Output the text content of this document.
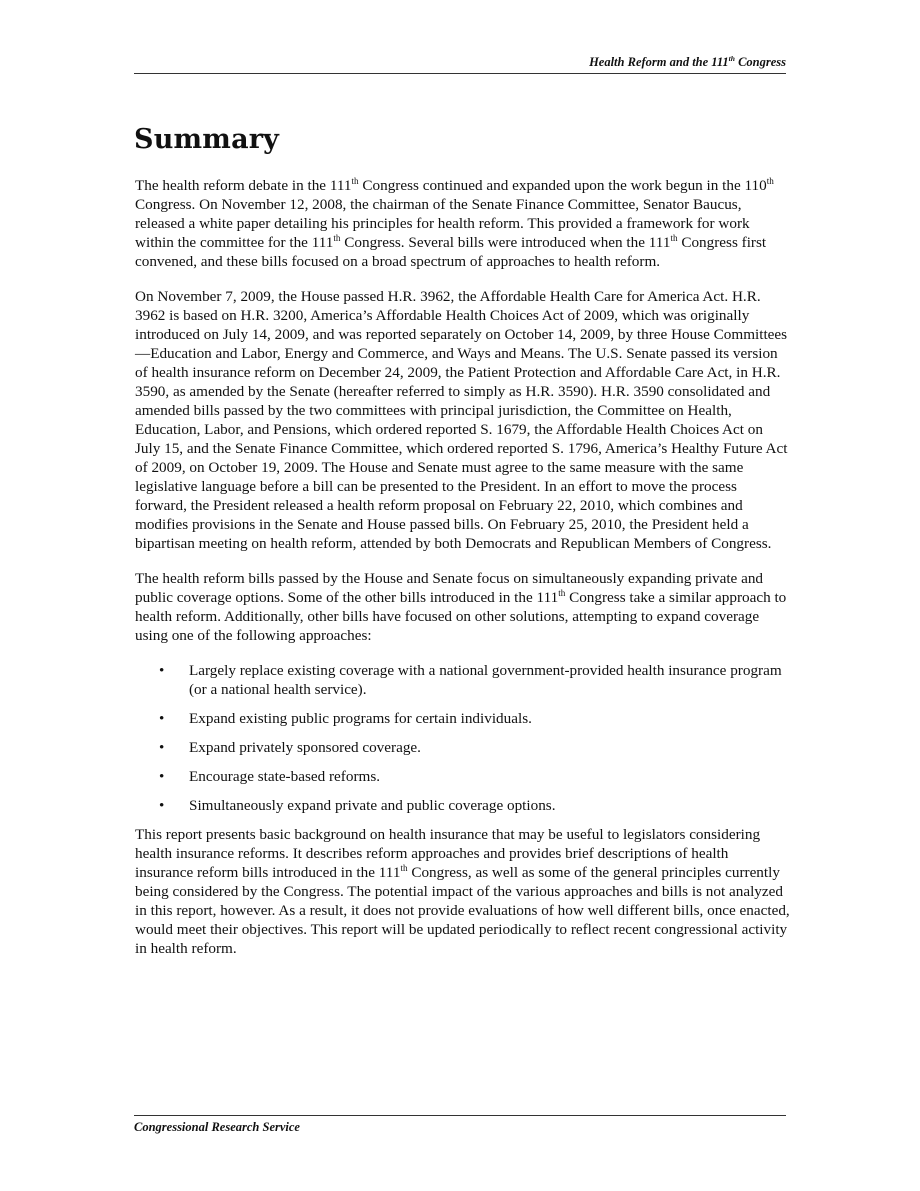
Health Reform and the 111th Congress
Summary

The health reform debate in the 111th Congress continued and expanded upon the work begun in the 110th Congress. On November 12, 2008, the chairman of the Senate Finance Committee, Senator Baucus, released a white paper detailing his principles for health reform. This provided a framework for work within the committee for the 111th Congress. Several bills were introduced when the 111th Congress first convened, and these bills focused on a broad spectrum of approaches to health reform.

On November 7, 2009, the House passed H.R. 3962, the Affordable Health Care for America Act. H.R. 3962 is based on H.R. 3200, America’s Affordable Health Choices Act of 2009, which was originally introduced on July 14, 2009, and was reported separately on October 14, 2009, by three House Committees—Education and Labor, Energy and Commerce, and Ways and Means. The U.S. Senate passed its version of health insurance reform on December 24, 2009, the Patient Protection and Affordable Care Act, in H.R. 3590, as amended by the Senate (hereafter referred to simply as H.R. 3590). H.R. 3590 consolidated and amended bills passed by the two committees with principal jurisdiction, the Committee on Health, Education, Labor, and Pensions, which ordered reported S. 1679, the Affordable Health Choices Act on July 15, and the Senate Finance Committee, which ordered reported S. 1796, America’s Healthy Future Act of 2009, on October 19, 2009. The House and Senate must agree to the same measure with the same legislative language before a bill can be presented to the President. In an effort to move the process forward, the President released a health reform proposal on February 22, 2010, which combines and modifies provisions in the Senate and House passed bills. On February 25, 2010, the President held a bipartisan meeting on health reform, attended by both Democrats and Republican Members of Congress.

The health reform bills passed by the House and Senate focus on simultaneously expanding private and public coverage options. Some of the other bills introduced in the 111th Congress take a similar approach to health reform. Additionally, other bills have focused on other solutions, attempting to expand coverage using one of the following approaches:

• Largely replace existing coverage with a national government-provided health insurance program (or a national health service).
• Expand existing public programs for certain individuals.
• Expand privately sponsored coverage.
• Encourage state-based reforms.
• Simultaneously expand private and public coverage options.

This report presents basic background on health insurance that may be useful to legislators considering health insurance reforms. It describes reform approaches and provides brief descriptions of health insurance reform bills introduced in the 111th Congress, as well as some of the general principles currently being considered by the Congress. The potential impact of the various approaches and bills is not analyzed in this report, however. As a result, it does not provide evaluations of how well different bills, once enacted, would meet their objectives. This report will be updated periodically to reflect recent congressional activity in health reform.

Congressional Research Service
